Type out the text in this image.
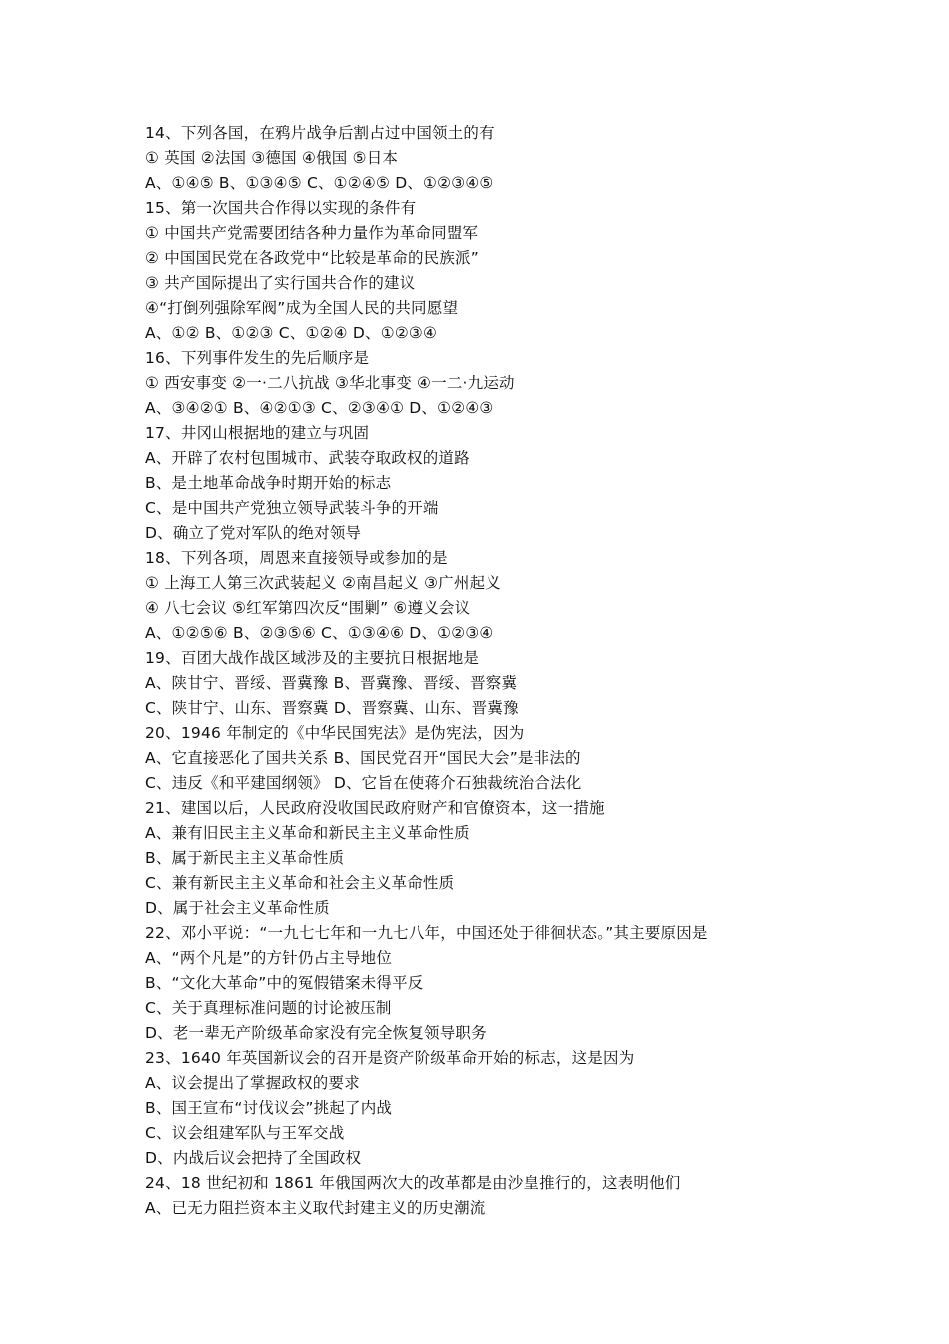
14、下列各国，在鸦片战争后割占过中国领土的有
① 英国 ②法国 ③德国 ④俄国 ⑤日本
A、①④⑤ B、①③④⑤ C、①②④⑤ D、①②③④⑤
15、第一次国共合作得以实现的条件有
① 中国共产党需要团结各种力量作为革命同盟军
② 中国国民党在各政党中“比较是革命的民族派”
③ 共产国际提出了实行国共合作的建议
④“打倒列强除军阀”成为全国人民的共同愿望
A、①② B、①②③ C、①②④ D、①②③④
16、下列事件发生的先后顺序是
① 西安事变 ②一·二八抗战 ③华北事变 ④一二·九运动
A、③④②① B、④②①③ C、②③④① D、①②④③
17、井冈山根据地的建立与巩固
A、开辟了农村包围城市、武装夺取政权的道路
B、是土地革命战争时期开始的标志
C、是中国共产党独立领导武装斗争的开端
D、确立了党对军队的绝对领导
18、下列各项，周恩来直接领导或参加的是
① 上海工人第三次武装起义 ②南昌起义 ③广州起义
④ 八七会议 ⑤红军第四次反“围剿” ⑥遵义会议
A、①②⑤⑥ B、②③⑤⑥ C、①③④⑥ D、①②③④
19、百团大战作战区域涉及的主要抗日根据地是
A、陕甘宁、晋绥、晋冀豫 B、晋冀豫、晋绥、晋察冀
C、陕甘宁、山东、晋察冀 D、晋察冀、山东、晋冀豫
20、1946 年制定的《中华民国宪法》是伪宪法，因为
A、它直接恶化了国共关系 B、国民党召开“国民大会”是非法的
C、违反《和平建国纲领》 D、它旨在使蒋介石独裁统治合法化
21、建国以后，人民政府没收国民政府财产和官僚资本，这一措施
A、兼有旧民主主义革命和新民主主义革命性质
B、属于新民主主义革命性质
C、兼有新民主主义革命和社会主义革命性质
D、属于社会主义革命性质
22、邓小平说：“一九七七年和一九七八年，中国还处于徘徊状态。”其主要原因是
A、“两个凡是”的方针仍占主导地位
B、“文化大革命”中的冤假错案未得平反
C、关于真理标准问题的讨论被压制
D、老一辈无产阶级革命家没有完全恢复领导职务
23、1640 年英国新议会的召开是资产阶级革命开始的标志，这是因为
A、议会提出了掌握政权的要求
B、国王宣布“讨伐议会”挑起了内战
C、议会组建军队与王军交战
D、内战后议会把持了全国政权
24、18 世纪初和 1861 年俄国两次大的改革都是由沙皇推行的，这表明他们
A、已无力阻拦资本主义取代封建主义的历史潮流
